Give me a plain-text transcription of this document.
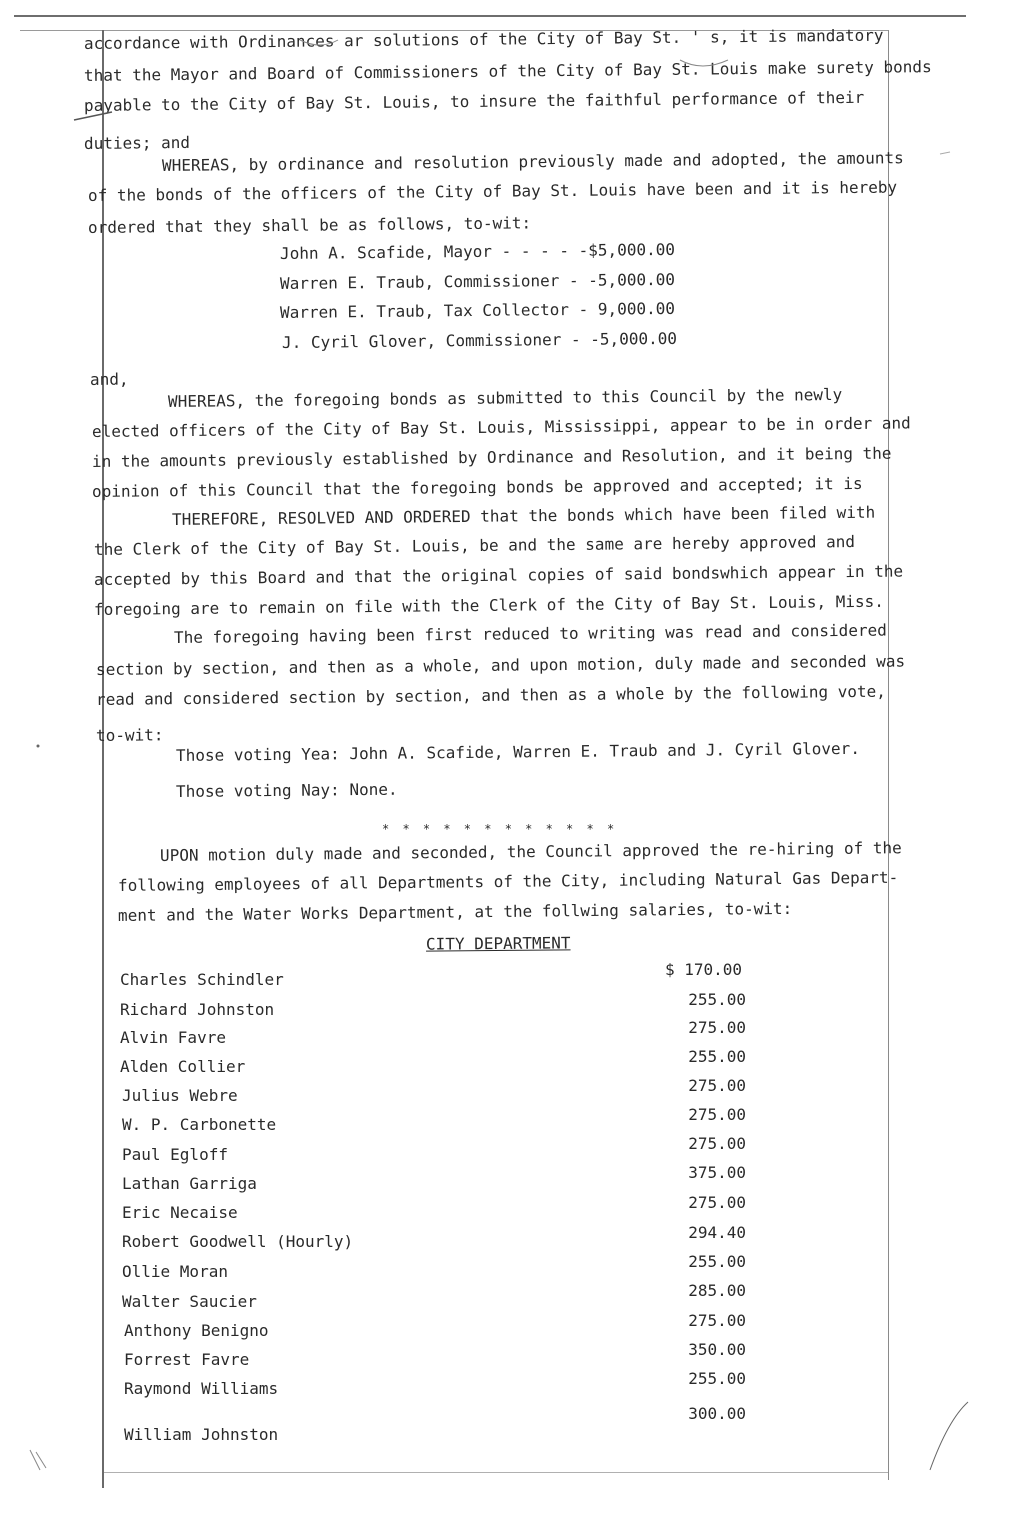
accordance with Ordinances ar solutions of the City of Bay St. ' s, it is mandatory
that the Mayor and Board of Commissioners of the City of Bay St. Louis make surety bonds
payable to the City of Bay St. Louis, to insure the faithful performance of their
duties; and
WHEREAS, by ordinance and resolution previously made and adopted, the amounts
of the bonds of the officers of the City of Bay St. Louis have been and it is hereby
ordered that they shall be as follows, to-wit:
John A. Scafide, Mayor - - - - -$5,000.00
Warren E. Traub, Commissioner - -5,000.00
Warren E. Traub, Tax Collector - 9,000.00
J. Cyril Glover, Commissioner - -5,000.00
and,
WHEREAS, the foregoing bonds as submitted to this Council by the newly
elected officers of the City of Bay St. Louis, Mississippi, appear to be in order and
in the amounts previously established by Ordinance and Resolution, and it being the
opinion of this Council that the foregoing bonds be approved and accepted; it is
THEREFORE, RESOLVED AND ORDERED that the bonds which have been filed with
the Clerk of the City of Bay St. Louis, be and the same are hereby approved and
accepted by this Board and that the original copies of said bondswhich appear in the
foregoing are to remain on file with the Clerk of the City of Bay St. Louis, Miss.
The foregoing having been first reduced to writing was read and considered
section by section, and then as a whole, and upon motion, duly made and seconded was
read and considered section by section, and then as a whole by the following vote,
to-wit:
Those voting Yea: John A. Scafide, Warren E. Traub and J. Cyril Glover.
Those voting Nay: None.
* * * * * * * * * * * *
UPON motion duly made and seconded, the Council approved the re-hiring of the
following employees of all Departments of the City, including Natural Gas Depart-
ment and the Water Works Department, at the follwing salaries, to-wit:
CITY DEPARTMENT
Charles Schindler
$ 170.00
Richard Johnston
255.00
Alvin Favre
275.00
Alden Collier
255.00
Julius Webre
275.00
W. P. Carbonette
275.00
Paul Egloff
275.00
Lathan Garriga
375.00
Eric Necaise
275.00
Robert Goodwell (Hourly)	294.40
Ollie Moran
255.00
Walter Saucier
285.00
Anthony Benigno
275.00
Forrest Favre
350.00
Raymond Williams
255.00
William Johnston
300.00
